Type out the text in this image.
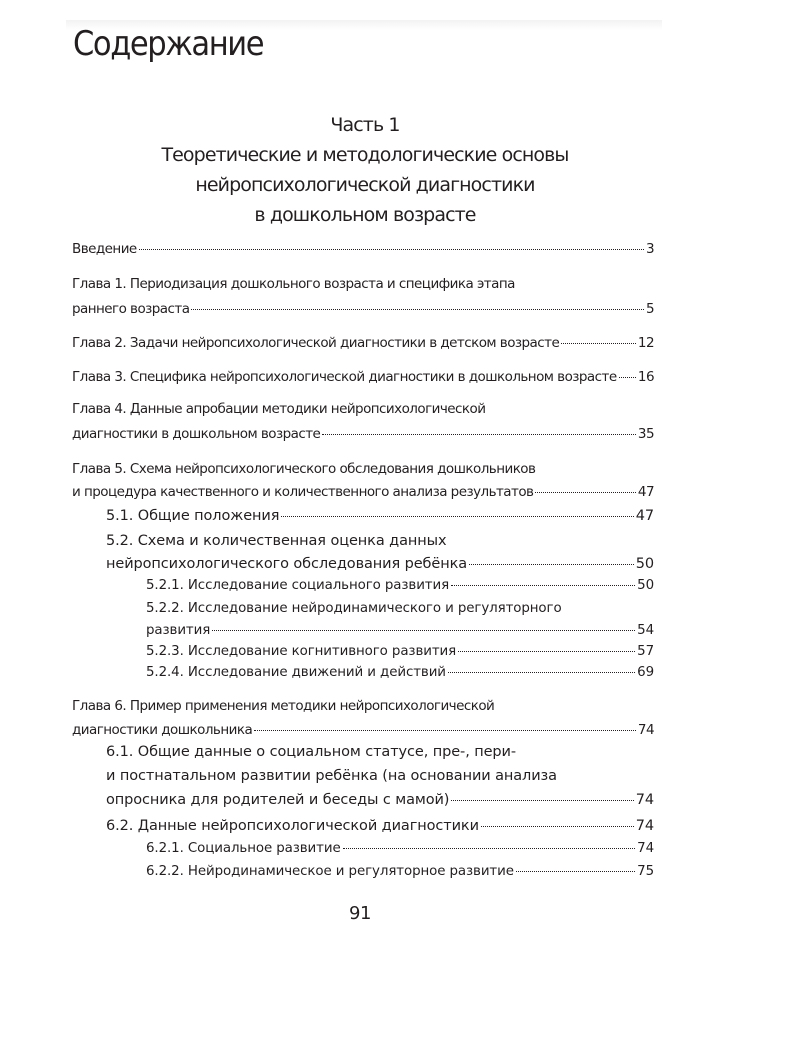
Содержание
Часть 1
Теоретические и методологические основы
нейропсихологической диагностики
в дошкольном возрасте
Введение	3
Глава 1. Периодизация дошкольного возраста и специфика этапа
раннего возраста	5
Глава 2. Задачи нейропсихологической диагностики в детском возрасте	12
Глава 3. Специфика нейропсихологической диагностики в дошкольном возрасте 16
Глава 4. Данные апробации методики нейропсихологической
диагностики в дошкольном возрасте	35
Глава 5. Схема нейропсихологического обследования дошкольников
и процедура качественного и количественного анализа результатов	47
5.1. Общие положения	47
5.2. Схема и количественная оценка данных
нейропсихологического обследования ребёнка	50
5.2.1. Исследование социального развития	50
5.2.2. Исследование нейродинамического и регуляторного
развития	54
5.2.3. Исследование когнитивного развития	57
5.2.4. Исследование движений и действий	69
Глава 6. Пример применения методики нейропсихологической
диагностики дошкольника	74
6.1. Общие данные о социальном статусе, пре-, пери-
и постнатальном развитии ребёнка (на основании анализа
опросника для родителей и беседы с мамой)	74
6.2. Данные нейропсихологической диагностики	74
6.2.1. Социальное развитие	74
6.2.2. Нейродинамическое и регуляторное развитие	75
91
